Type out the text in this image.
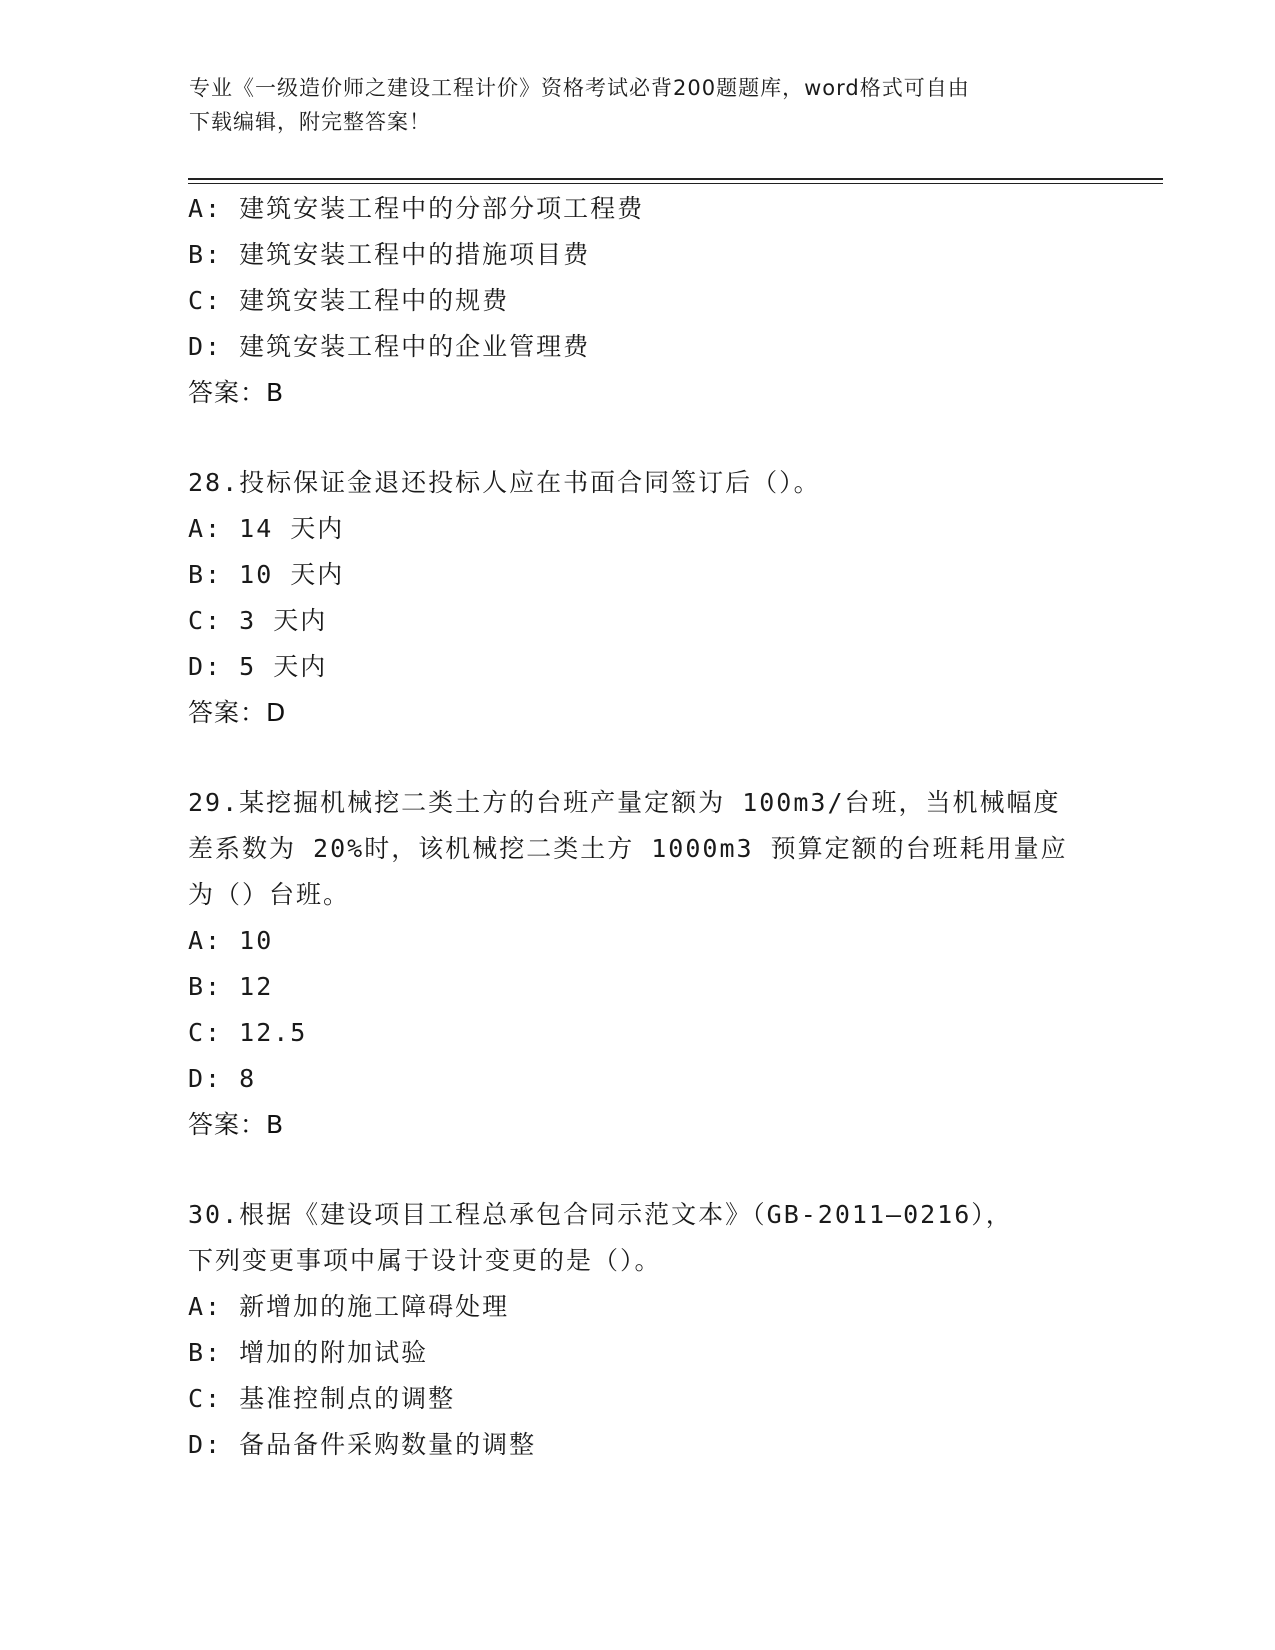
专业《一级造价师之建设工程计价》资格考试必背200题题库，word格式可自由
下载编辑，附完整答案！
A: 建筑安装工程中的分部分项工程费
B: 建筑安装工程中的措施项目费
C: 建筑安装工程中的规费
D: 建筑安装工程中的企业管理费
答案：B
28.投标保证金退还投标人应在书面合同签订后（）。
A: 14 天内
B: 10 天内
C: 3 天内
D: 5 天内
答案：D
29.某挖掘机械挖二类土方的台班产量定额为 100m3/台班，当机械幅度
差系数为 20%时，该机械挖二类土方 1000m3 预算定额的台班耗用量应
为（）台班。
A: 10
B: 12
C: 12.5
D: 8
答案：B
30.根据《建设项目工程总承包合同示范文本》（GB-2011—0216），
下列变更事项中属于设计变更的是（）。
A: 新增加的施工障碍处理
B: 增加的附加试验
C: 基准控制点的调整
D: 备品备件采购数量的调整
